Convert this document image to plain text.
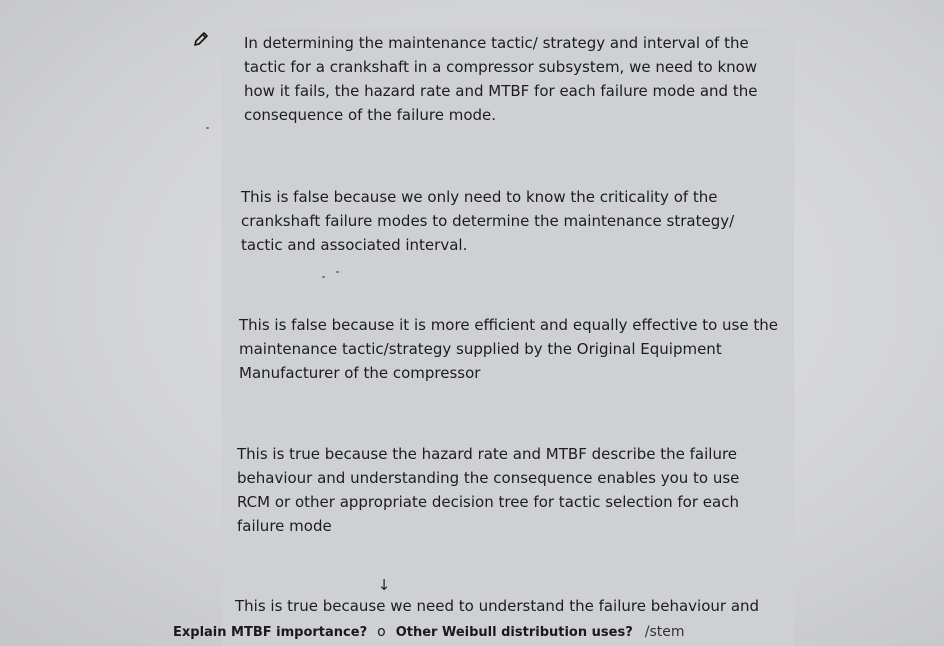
In determining the maintenance tactic/ strategy and interval of the tactic for a crankshaft in a compressor subsystem, we need to know how it fails, the hazard rate and MTBF for each failure mode and the consequence of the failure mode.
This is false because we only need to know the criticality of the crankshaft failure modes to determine the maintenance strategy/ tactic and associated interval.
This is false because it is more efficient and equally effective to use the maintenance tactic/strategy supplied by the Original Equipment Manufacturer of the compressor
This is true because the hazard rate and MTBF describe the failure behaviour and understanding the consequence enables you to use RCM or other appropriate decision tree for tactic selection for each failure mode
This is true because we need to understand the failure behaviour and
↓
Explain MTBF importance? o Other Weibull distribution uses? /stem
